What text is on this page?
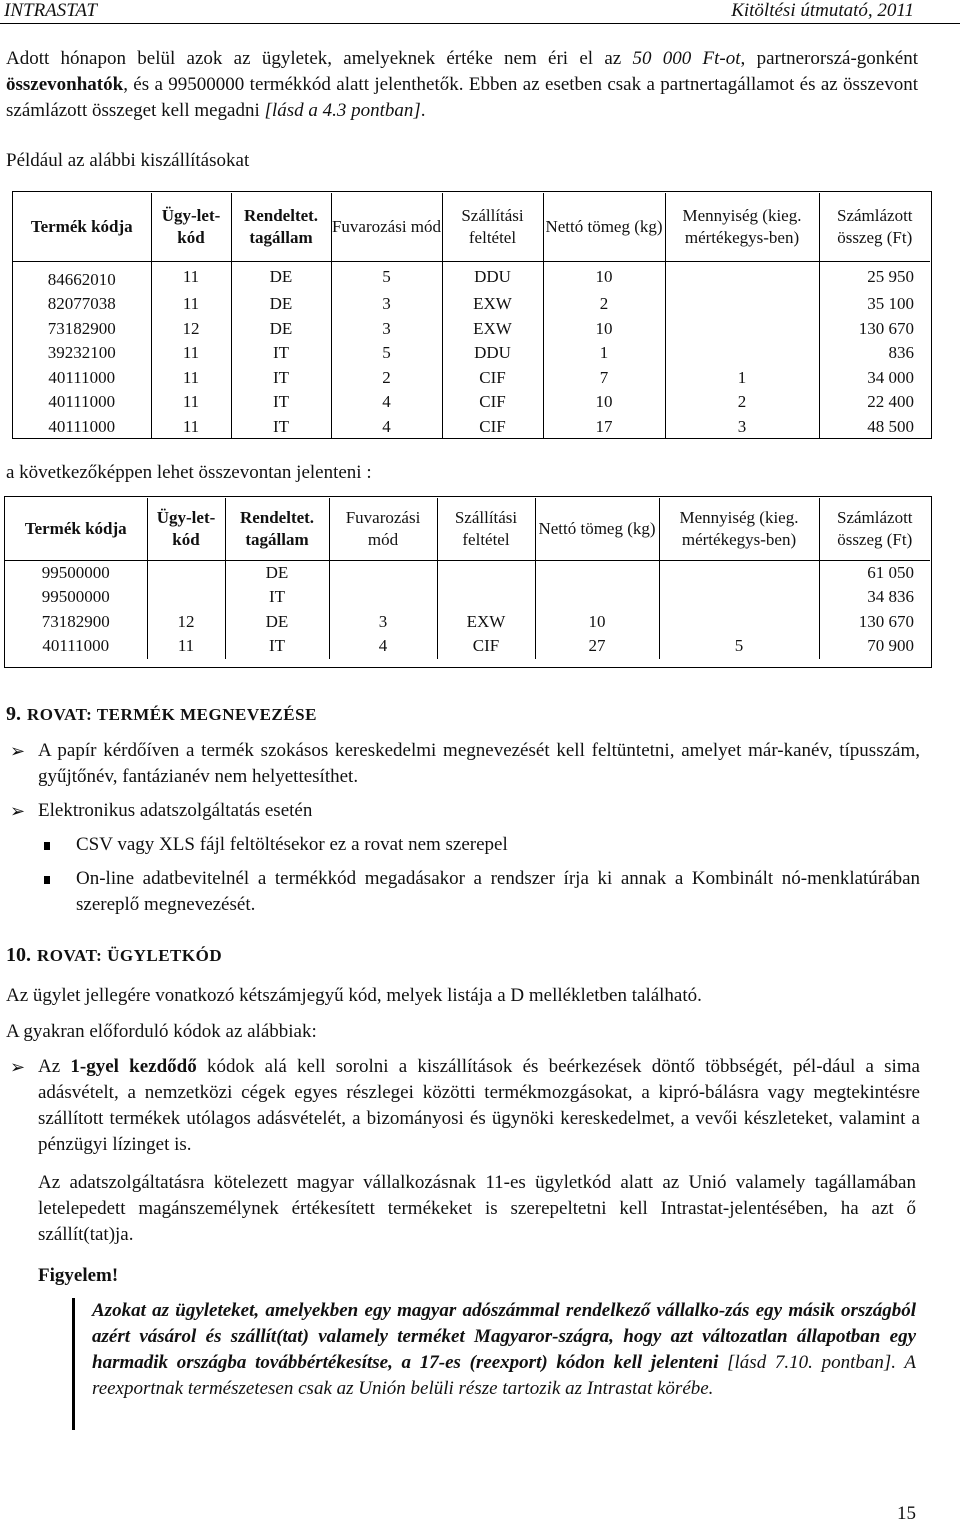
INTRASTAT	Kitöltési útmutató, 2011

Adott hónapon belül azok az ügyletek, amelyeknek értéke nem éri el az 50 000 Ft-ot, partnerorszá-gonként összevonhatók, és a 99500000 termékkód alatt jelenthetők. Ebben az esetben csak a partnertagállamot és az összevont számlázott összeget kell megadni [lásd a 4.3 pontban].

Például az alábbi kiszállításokat

Termék kódja	Ügy-let-kód	Rendeltet. tagállam	Fuvarozási mód	Szállítási feltétel	Nettó tömeg (kg)	Mennyiség (kieg. mértékegys-ben)	Számlázott összeg (Ft)
84662010	11	DE	5	DDU	10		25 950
82077038	11	DE	3	EXW	2		35 100
73182900	12	DE	3	EXW	10		130 670
39232100	11	IT	5	DDU	1		836
40111000	11	IT	2	CIF	7	1	34 000
40111000	11	IT	4	CIF	10	2	22 400
40111000	11	IT	4	CIF	17	3	48 500

a következőképpen lehet összevontan jelenteni :

Termék kódja	Ügy-let-kód	Rendeltet. tagállam	Fuvarozási mód	Szállítási feltétel	Nettó tömeg (kg)	Mennyiség (kieg. mértékegys-ben)	Számlázott összeg (Ft)
99500000		DE					61 050
99500000		IT					34 836
73182900	12	DE	3	EXW	10		130 670
40111000	11	IT	4	CIF	27	5	70 900
9. ROVAT: TERMÉK MEGNEVEZÉSE
➢ A papír kérdőíven a termék szokásos kereskedelmi megnevezését kell feltüntetni, amelyet már-kanév, típusszám, gyűjtőnév, fantázianév nem helyettesíthet.
➢ Elektronikus adatszolgáltatás esetén
CSV vagy XLS fájl feltöltésekor ez a rovat nem szerepel
On-line adatbevitelnél a termékkód megadásakor a rendszer írja ki annak a Kombinált nó-menklatúrában szereplő megnevezését.
10. ROVAT: ÜGYLETKÓD

Az ügylet jellegére vonatkozó kétszámjegyű kód, melyek listája a D mellékletben található.

A gyakran előforduló kódok az alábbiak:

➢ Az 1-gyel kezdődő kódok alá kell sorolni a kiszállítások és beérkezések döntő többségét, pél-dául a sima adásvételt, a nemzetközi cégek egyes részlegei közötti termékmozgásokat, a kipró-bálásra vagy megtekintésre szállított termékek utólagos adásvételét, a bizományosi és ügynöki kereskedelmet, a vevői készleteket, valamint a pénzügyi lízinget is.

Az adatszolgáltatásra kötelezett magyar vállalkozásnak 11-es ügyletkód alatt az Unió valamely tagállamában letelepedett magánszemélynek értékesített termékeket is szerepeltetni kell Intrastat-jelentésében, ha azt ő szállít(tat)ja.

Figyelem!

Azokat az ügyleteket, amelyekben egy magyar adószámmal rendelkező vállalko-zás egy másik országból azért vásárol és szállít(tat) valamely terméket Magyaror-szágra, hogy azt változatlan állapotban egy harmadik országba továbbértékesítse, a 17-es (reexport) kódon kell jelenteni [lásd 7.10. pontban]. A reexportnak természetesen csak az Unión belüli része tartozik az Intrastat körébe.
15
